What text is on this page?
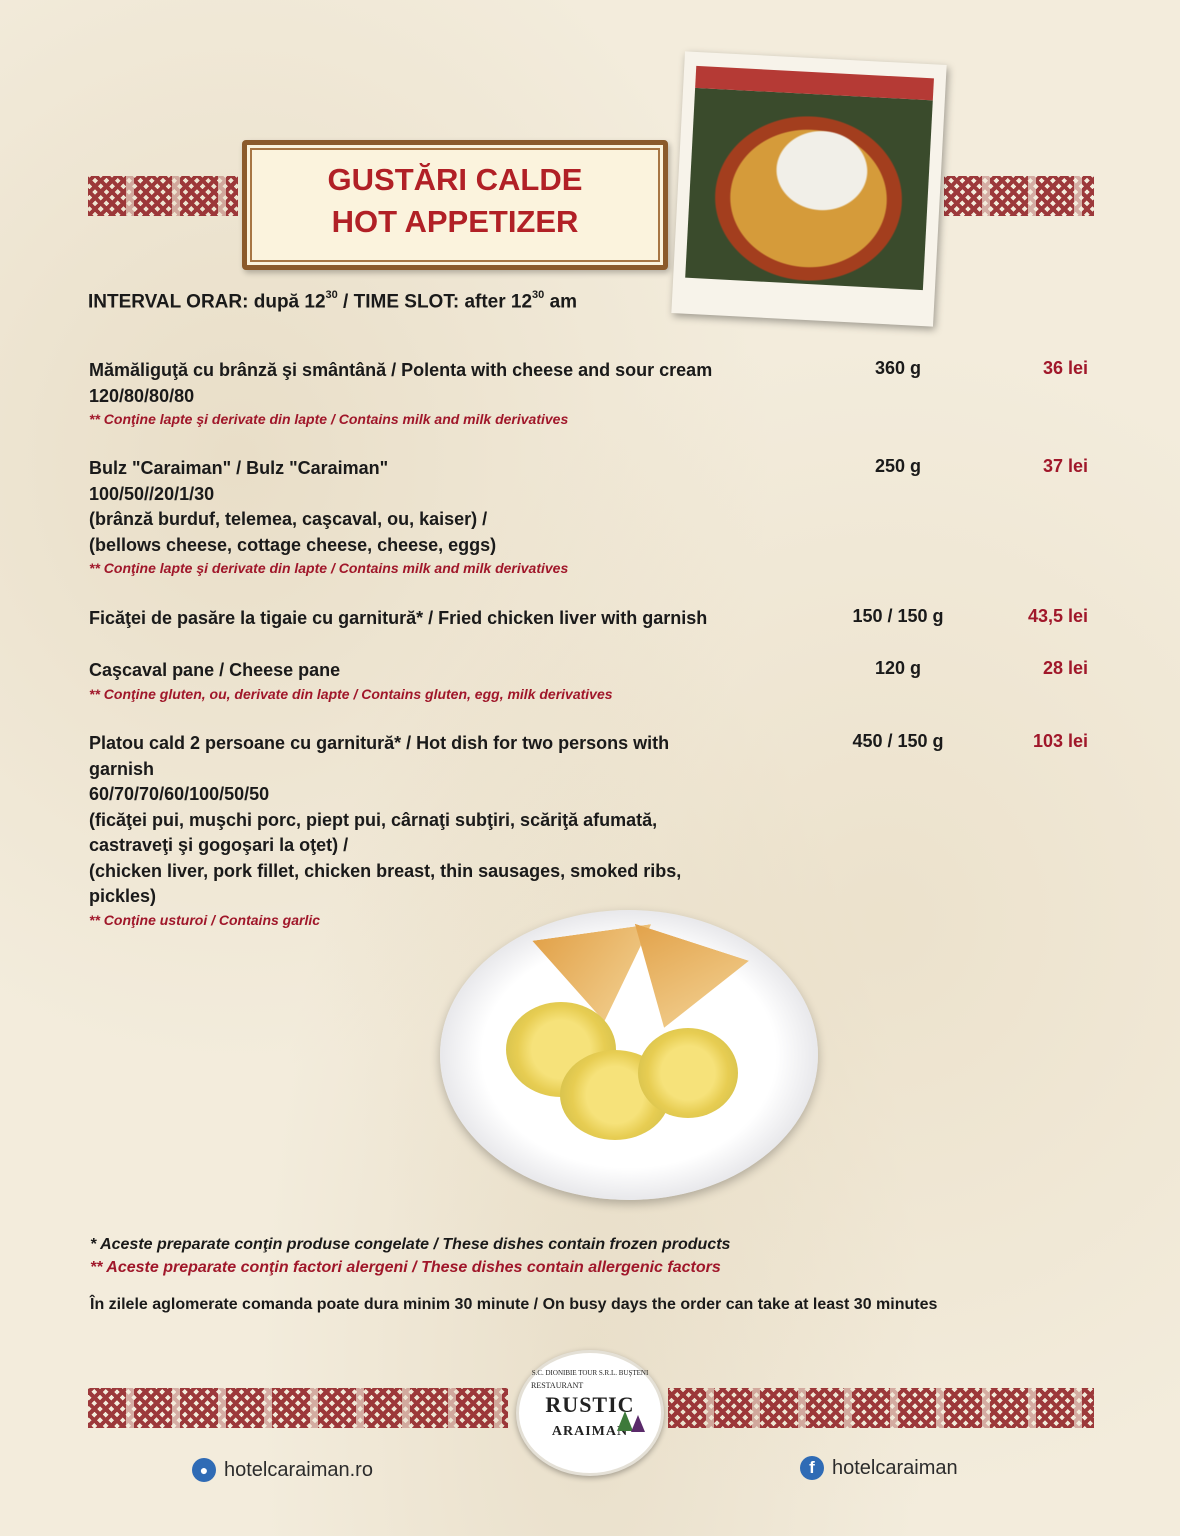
GUSTĂRI CALDE
HOT APPETIZER
INTERVAL ORAR: după $12^{30}$ / TIME SLOT: after $12^{30}$ am
Mămăliguţă cu brânză şi smântână / Polenta with cheese and sour cream
120/80/80/80
** Conţine lapte şi derivate din lapte / Contains milk and milk derivatives
360 g	36 lei
Bulz "Caraiman" / Bulz "Caraiman"
100/50//20/1/30
(brânză burduf, telemea, caşcaval, ou, kaiser) /
(bellows cheese, cottage cheese, cheese, eggs)
** Conţine lapte şi derivate din lapte / Contains milk and milk derivatives
250 g	37 lei
Ficăţei de pasăre la tigaie cu garnitură* / Fried chicken liver with garnish	150 / 150 g	43,5 lei
Caşcaval pane / Cheese pane
** Conţine gluten, ou, derivate din lapte / Contains gluten, egg, milk derivatives
120 g	28 lei
Platou cald 2 persoane cu garnitură* / Hot dish for two persons with garnish
60/70/70/60/100/50/50
(ficăţei pui, muşchi porc, piept pui, cârnaţi subţiri, scăriţă afumată, castraveţi şi gogoşari la oţet) /
(chicken liver, pork fillet, chicken breast, thin sausages, smoked ribs, pickles)
** Conţine usturoi / Contains garlic
450 / 150 g	103 lei
* Aceste preparate conţin produse congelate / These dishes contain frozen products
** Aceste preparate conţin factori alergeni / These dishes contain allergenic factors
În zilele aglomerate comanda poate dura minim 30 minute / On busy days the order can take at least 30 minutes
S.C. DIONIBIE TOUR S.R.L. BUŞTENI
RESTAURANT
RUSTIC
ARAIMAN
● hotelcaraiman.ro	f hotelcaraiman
